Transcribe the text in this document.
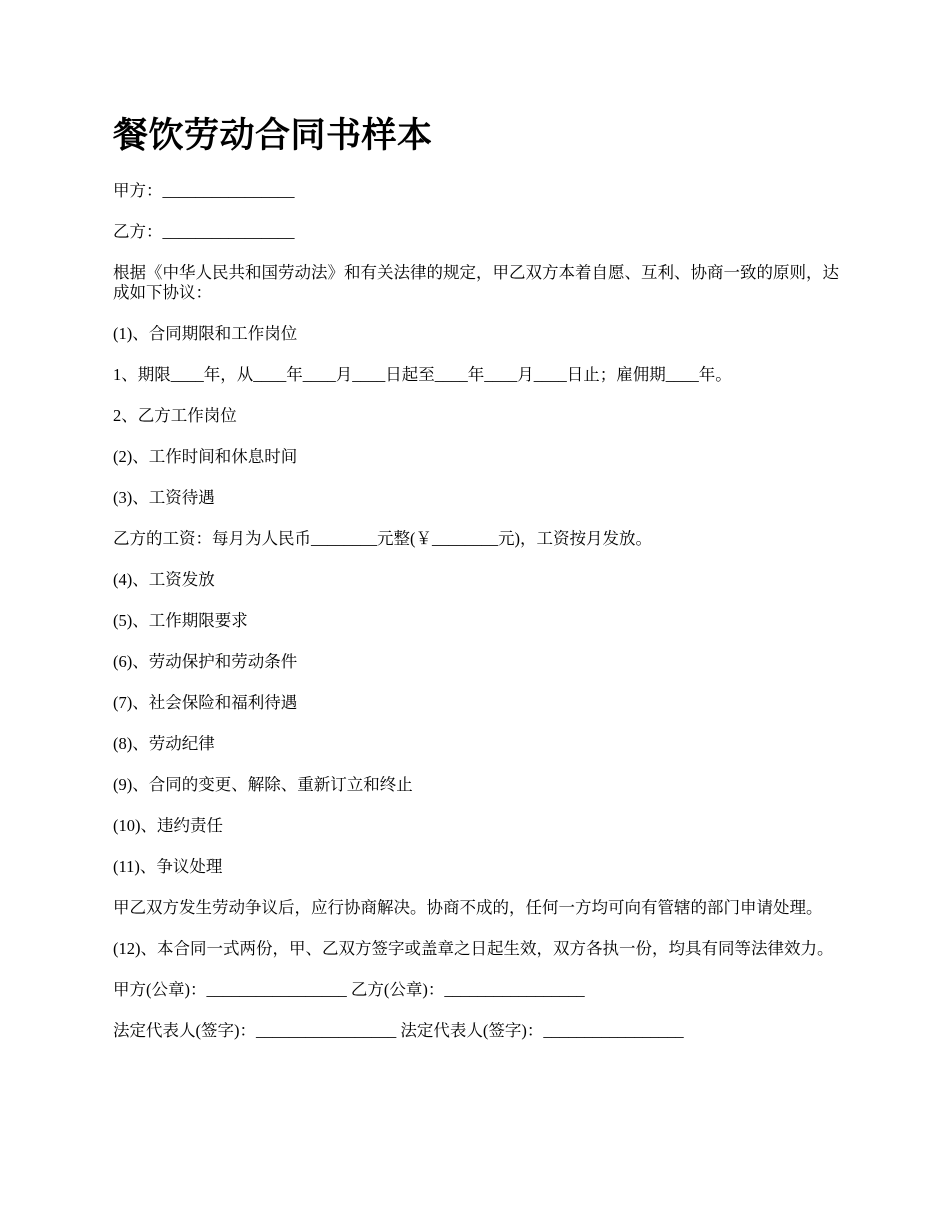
餐饮劳动合同书样本

甲方：________________

乙方：________________

根据《中华人民共和国劳动法》和有关法律的规定，甲乙双方本着自愿、互利、协商一致的原则，达成如下协议：

(1)、合同期限和工作岗位

1、期限____年，从____年____月____日起至____年____月____日止；雇佣期____年。

2、乙方工作岗位

(2)、工作时间和休息时间

(3)、工资待遇

乙方的工资：每月为人民币________元整(￥________元)，工资按月发放。

(4)、工资发放

(5)、工作期限要求

(6)、劳动保护和劳动条件

(7)、社会保险和福利待遇

(8)、劳动纪律

(9)、合同的变更、解除、重新订立和终止

(10)、违约责任

(11)、争议处理

甲乙双方发生劳动争议后，应行协商解决。协商不成的，任何一方均可向有管辖的部门申请处理。

(12)、本合同一式两份，甲、乙双方签字或盖章之日起生效，双方各执一份，均具有同等法律效力。

甲方(公章)：_________________ 乙方(公章)：_________________

法定代表人(签字)：_________________ 法定代表人(签字)：_________________
